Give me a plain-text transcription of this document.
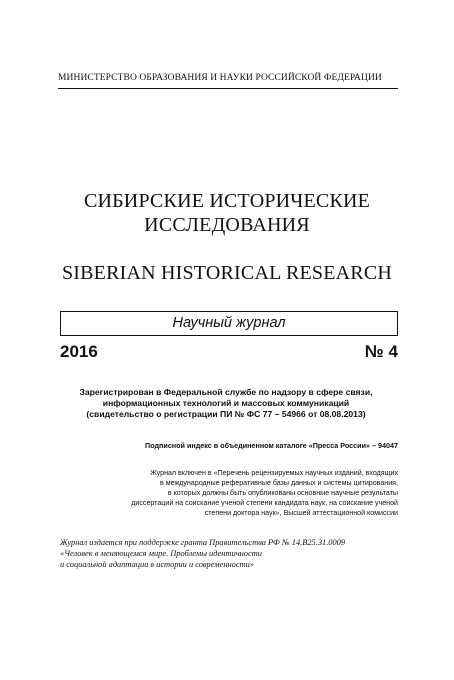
МИНИСТЕРСТВО ОБРАЗОВАНИЯ И НАУКИ РОССИЙСКОЙ ФЕДЕРАЦИИ
СИБИРСКИЕ ИСТОРИЧЕСКИЕ
ИССЛЕДОВАНИЯ
SIBERIAN HISTORICAL RESEARCH
Научный журнал
2016	№ 4
Зарегистрирован в Федеральной службе по надзору в сфере связи,
информационных технологий и массовых коммуникаций
(свидетельство о регистрации ПИ № ФС 77 – 54966 от 08.08.2013)
Подписной индекс в объединенном каталоге «Пресса России» – 94047
Журнал включен в «Перечень рецензируемых научных изданий, входящих
в международные реферативные базы данных и системы цитирования,
в которых должны быть опубликованы основные научные результаты
диссертаций на соискание ученой степени кандидата наук, на соискание ученой
степени доктора наук», Высшей аттестационной комиссии
Журнал издается при поддержке гранта Правительства РФ № 14.В25.31.0009
«Человек в меняющемся мире. Проблемы идентичности
и социальной адаптации в истории и современности»
